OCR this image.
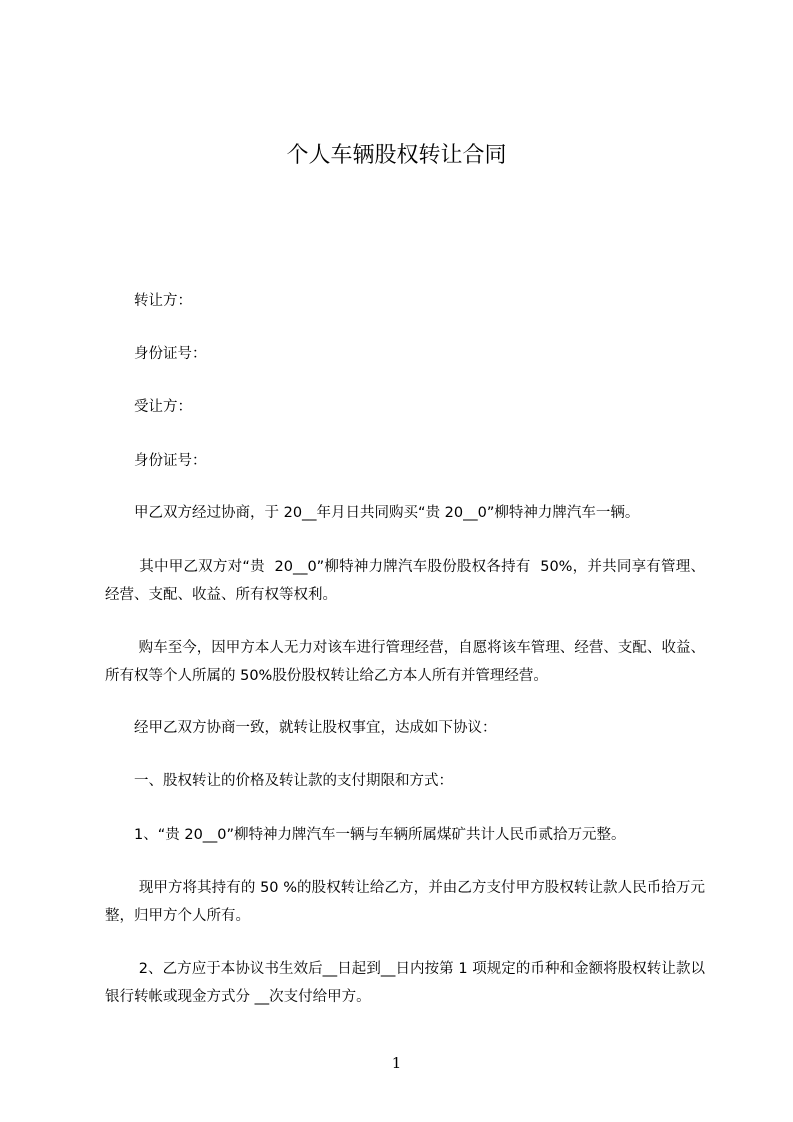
个人车辆股权转让合同
　　转让方：
　　身份证号：
　　受让方：
　　身份证号：
　　甲乙双方经过协商，于 20__年月日共同购买“贵 20__0”柳特神力牌汽车一辆。
　　 其中甲乙双方对“贵  20__0”柳特神力牌汽车股份股权各持有  50%，并共同享有管理、经营、支配、收益、所有权等权利。
　　 购车至今，因甲方本人无力对该车进行管理经营，自愿将该车管理、经营、支配、收益、所有权等个人所属的 50%股份股权转让给乙方本人所有并管理经营。
　　经甲乙双方协商一致，就转让股权事宜，达成如下协议：
　　一、股权转让的价格及转让款的支付期限和方式：
　　1、“贵 20__0”柳特神力牌汽车一辆与车辆所属煤矿共计人民币贰拾万元整。
　　 现甲方将其持有的 50 %的股权转让给乙方，并由乙方支付甲方股权转让款人民币拾万元整，归甲方个人所有。
　　 2、乙方应于本协议书生效后__日起到__日内按第 1 项规定的币种和金额将股权转让款以银行转帐或现金方式分 __次支付给甲方。
1
